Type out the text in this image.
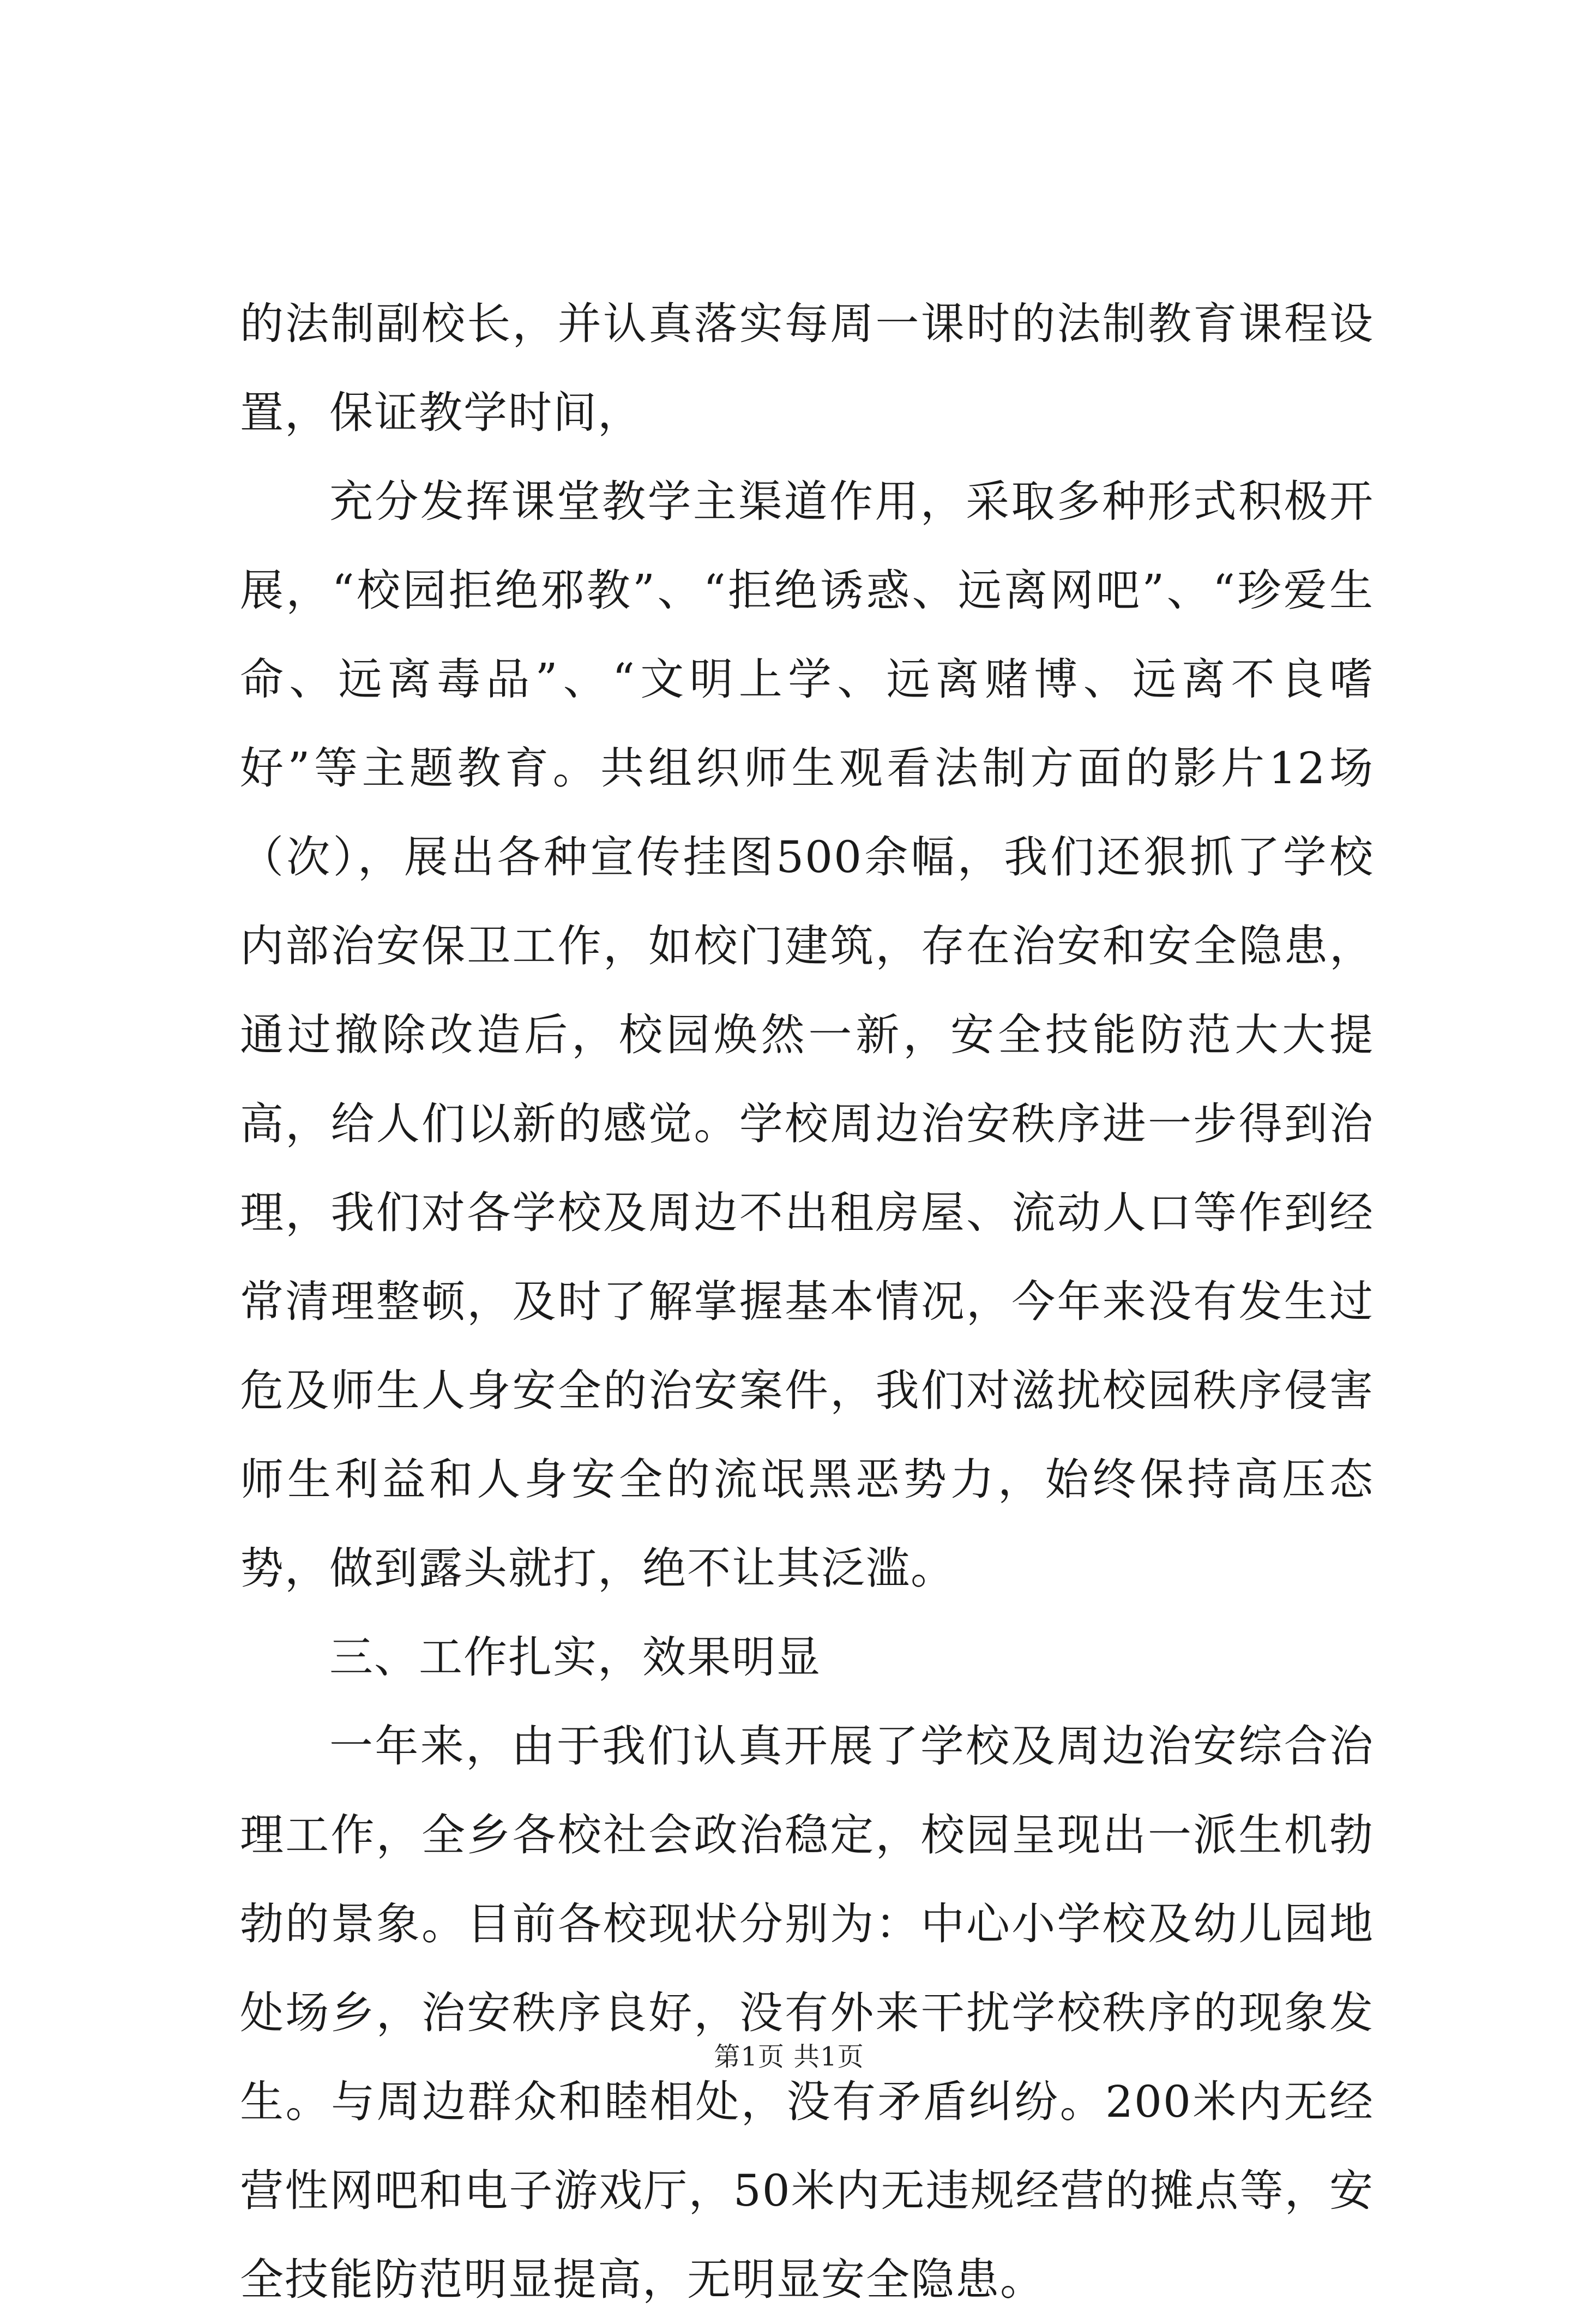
的法制副校长，并认真落实每周一课时的法制教育课程设置，保证教学时间，

充分发挥课堂教学主渠道作用，采取多种形式积极开展，“校园拒绝邪教”、“拒绝诱惑、远离网吧”、“珍爱生命、远离毒品”、“文明上学、远离赌博、远离不良嗜好”等主题教育。共组织师生观看法制方面的影片12场（次），展出各种宣传挂图500余幅，我们还狠抓了学校内部治安保卫工作，如校门建筑，存在治安和安全隐患，通过撤除改造后，校园焕然一新，安全技能防范大大提高，给人们以新的感觉。学校周边治安秩序进一步得到治理，我们对各学校及周边不出租房屋、流动人口等作到经常清理整顿，及时了解掌握基本情况，今年来没有发生过危及师生人身安全的治安案件，我们对滋扰校园秩序侵害师生利益和人身安全的流氓黑恶势力，始终保持高压态势，做到露头就打，绝不让其泛滥。

三、工作扎实，效果明显

一年来，由于我们认真开展了学校及周边治安综合治理工作，全乡各校社会政治稳定，校园呈现出一派生机勃勃的景象。目前各校现状分别为：中心小学校及幼儿园地处场乡，治安秩序良好，没有外来干扰学校秩序的现象发生。与周边群众和睦相处，没有矛盾纠纷。200米内无经营性网吧和电子游戏厅，50米内无违规经营的摊点等，安全技能防范明显提高，无明显安全隐患。

第1页 共1页
